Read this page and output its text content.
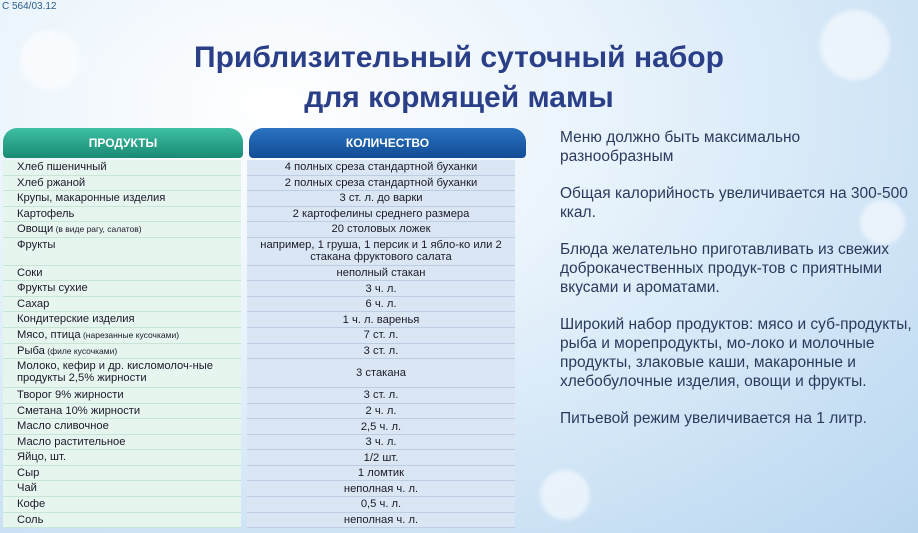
С 564/03.12
Приблизительный суточный набор
для кормящей мамы
ПРОДУКТЫ	КОЛИЧЕСТВО
Хлеб пшеничный	4 полных среза стандартной буханки
Хлеб ржаной	2 полных среза стандартной буханки
Крупы, макаронные изделия	3 ст. л. до варки
Картофель	2 картофелины среднего размера
Овощи (в виде рагу, салатов)	20 столовых ложек
Фрукты	например, 1 груша, 1 персик и 1 ябло-ко или 2 стакана фруктового салата
Соки	неполный стакан
Фрукты сухие	3 ч. л.
Сахар	6 ч. л.
Кондитерские изделия	1 ч. л. варенья
Мясо, птица (нарезанные кусочками)	7 ст. л.
Рыба (филе кусочками)	3 ст. л.
Молоко, кефир и др. кисломолоч-ные продукты 2,5% жирности	3 стакана
Творог 9% жирности	3 ст. л.
Сметана 10% жирности	2 ч. л.
Масло сливочное	2,5 ч. л.
Масло растительное	3 ч. л.
Яйцо, шт.	1/2 шт.
Сыр	1 ломтик
Чай	неполная ч. л.
Кофе	0,5 ч. л.
Соль	неполная ч. л.

Меню должно быть максимально разнообразным

Общая калорийность увеличивается на 300-500 ккал.

Блюда желательно приготавливать из свежих доброкачественных продук-тов с приятными вкусами и ароматами.

Широкий набор продуктов: мясо и суб-продукты, рыба и морепродукты, мо-локо и молочные продукты, злаковые каши, макаронные и хлебобулочные изделия, овощи и фрукты.

Питьевой режим увеличивается на 1 литр.
